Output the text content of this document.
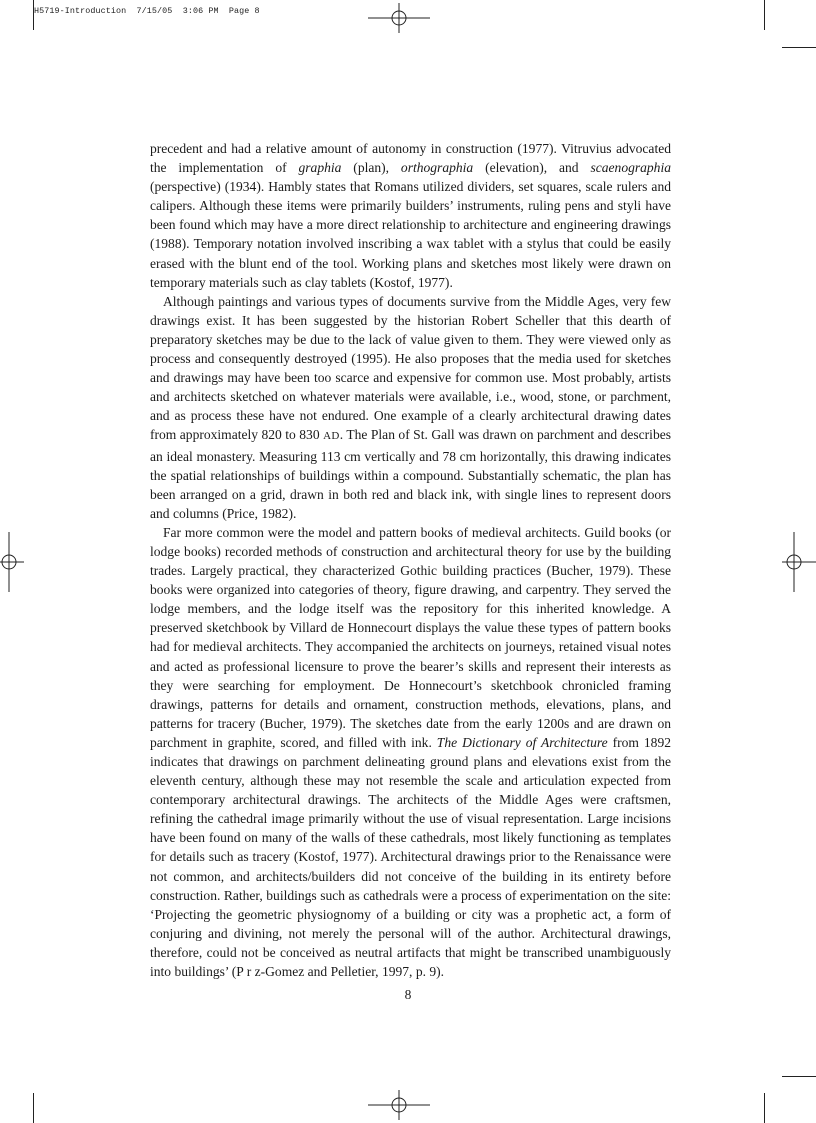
H5719-Introduction 7/15/05 3:06 PM Page 8

precedent and had a relative amount of autonomy in construction (1977). Vitruvius advocated the implementation of graphia (plan), orthographia (elevation), and scaenographia (perspective) (1934). Hambly states that Romans utilized dividers, set squares, scale rulers and calipers. Although these items were primarily builders’ instruments, ruling pens and styli have been found which may have a more direct relationship to architecture and engineering drawings (1988). Temporary notation involved inscribing a wax tablet with a stylus that could be easily erased with the blunt end of the tool. Working plans and sketches most likely were drawn on temporary materials such as clay tablets (Kostof, 1977).

Although paintings and various types of documents survive from the Middle Ages, very few drawings exist. It has been suggested by the historian Robert Scheller that this dearth of preparatory sketches may be due to the lack of value given to them. They were viewed only as process and consequently destroyed (1995). He also proposes that the media used for sketches and drawings may have been too scarce and expensive for common use. Most probably, artists and architects sketched on whatever materials were available, i.e., wood, stone, or parchment, and as process these have not endured. One example of a clearly architectural drawing dates from approximately 820 to 830 AD. The Plan of St. Gall was drawn on parchment and describes an ideal monastery. Measuring 113 cm vertically and 78 cm horizontally, this drawing indicates the spatial relationships of buildings within a compound. Substantially schematic, the plan has been arranged on a grid, drawn in both red and black ink, with single lines to represent doors and columns (Price, 1982).

Far more common were the model and pattern books of medieval architects. Guild books (or lodge books) recorded methods of construction and architectural theory for use by the building trades. Largely practical, they characterized Gothic building practices (Bucher, 1979). These books were organized into categories of theory, figure drawing, and carpentry. They served the lodge members, and the lodge itself was the repository for this inherited knowledge. A preserved sketchbook by Villard de Honnecourt displays the value these types of pattern books had for medieval architects. They accompanied the architects on journeys, retained visual notes and acted as professional licensure to prove the bearer’s skills and represent their interests as they were searching for employment. De Honnecourt’s sketchbook chronicled framing drawings, patterns for details and ornament, construction methods, elevations, plans, and patterns for tracery (Bucher, 1979). The sketches date from the early 1200s and are drawn on parchment in graphite, scored, and filled with ink. The Dictionary of Architecture from 1892 indicates that drawings on parchment delineating ground plans and elevations exist from the eleventh century, although these may not resemble the scale and articulation expected from contemporary architectural drawings. The architects of the Middle Ages were craftsmen, refining the cathedral image primarily without the use of visual representation. Large incisions have been found on many of the walls of these cathedrals, most likely functioning as templates for details such as tracery (Kostof, 1977). Architectural drawings prior to the Renaissance were not common, and architects/builders did not conceive of the building in its entirety before construction. Rather, buildings such as cathedrals were a process of experimentation on the site: ‘Projecting the geometric physiognomy of a building or city was a prophetic act, a form of conjuring and divining, not merely the personal will of the author. Architectural drawings, therefore, could not be conceived as neutral artifacts that might be transcribed unambiguously into buildings’ (P r z-Gomez and Pelletier, 1997, p. 9).

8
